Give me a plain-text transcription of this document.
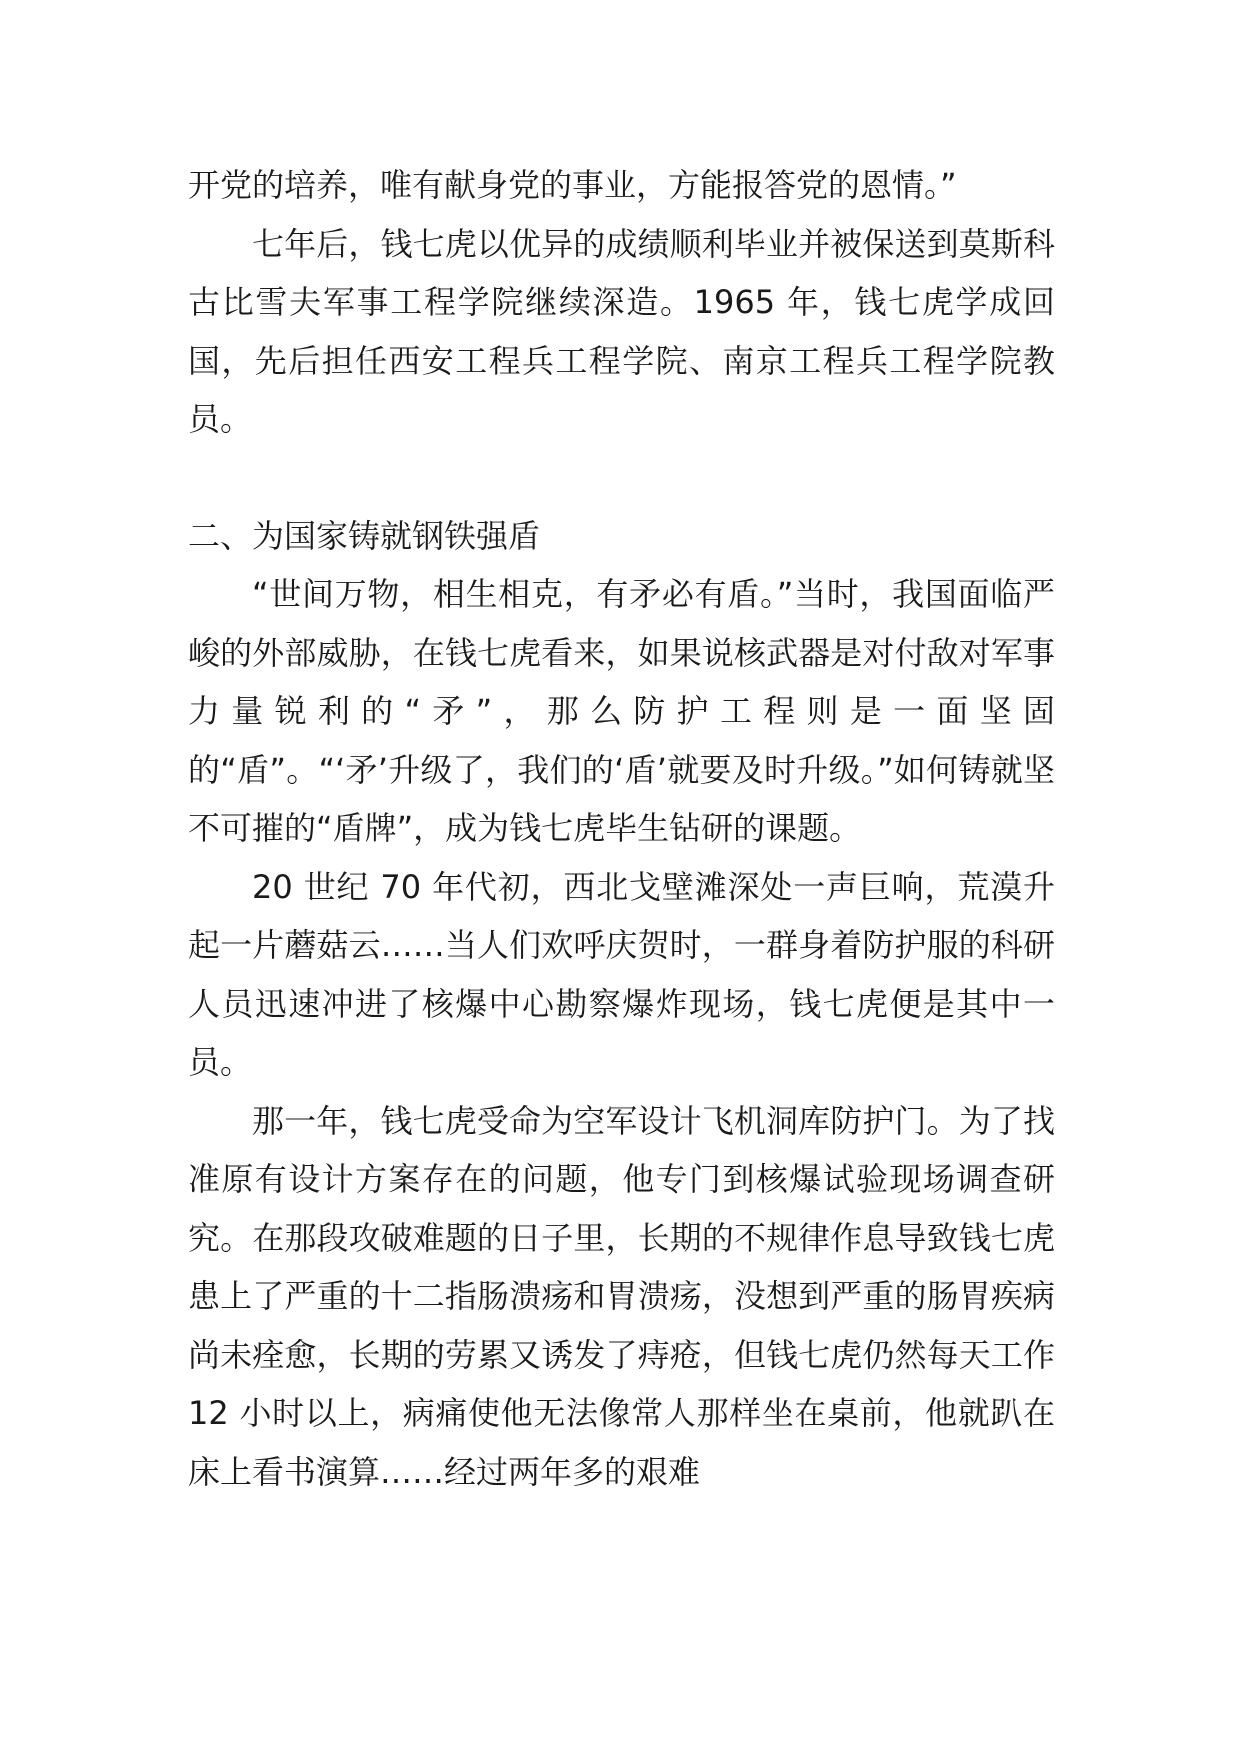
开党的培养，唯有献身党的事业，方能报答党的恩情。”

七年后，钱七虎以优异的成绩顺利毕业并被保送到莫斯科古比雪夫军事工程学院继续深造。1965 年，钱七虎学成回国，先后担任西安工程兵工程学院、南京工程兵工程学院教员。

二、为国家铸就钢铁强盾

“世间万物，相生相克，有矛必有盾。”当时，我国面临严峻的外部威胁，在钱七虎看来，如果说核武器是对付敌对军事力量锐利的“矛”，那么防护工程则是一面坚固的“盾”。“‘矛’升级了，我们的‘盾’就要及时升级。”如何铸就坚不可摧的“盾牌”，成为钱七虎毕生钻研的课题。

20 世纪 70 年代初，西北戈壁滩深处一声巨响，荒漠升起一片蘑菇云……当人们欢呼庆贺时，一群身着防护服的科研人员迅速冲进了核爆中心勘察爆炸现场，钱七虎便是其中一员。

那一年，钱七虎受命为空军设计飞机洞库防护门。为了找准原有设计方案存在的问题，他专门到核爆试验现场调查研究。在那段攻破难题的日子里，长期的不规律作息导致钱七虎患上了严重的十二指肠溃疡和胃溃疡，没想到严重的肠胃疾病尚未痊愈，长期的劳累又诱发了痔疮，但钱七虎仍然每天工作 12 小时以上，病痛使他无法像常人那样坐在桌前，他就趴在床上看书演算……经过两年多的艰难
